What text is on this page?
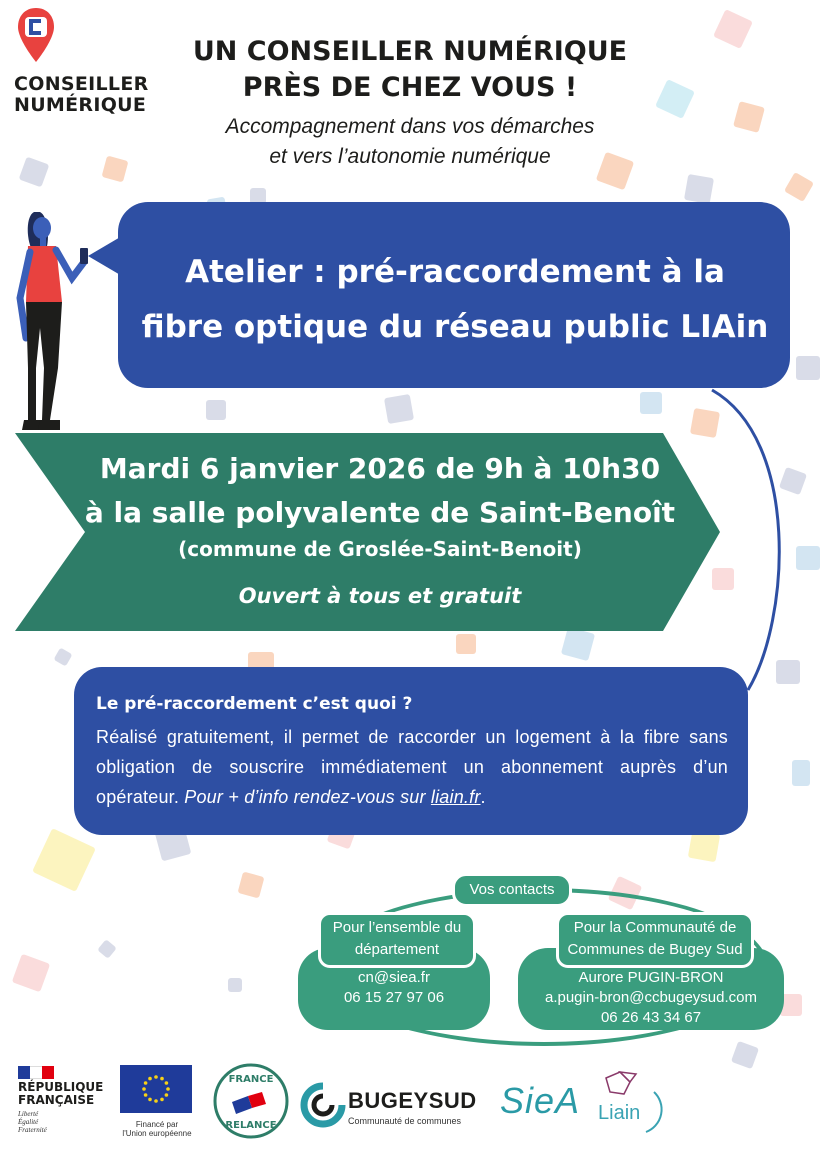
CONSEILLER
NUMÉRIQUE
UN CONSEILLER NUMÉRIQUE
PRÈS DE CHEZ VOUS !
Accompagnement dans vos démarches
et vers l’autonomie numérique
Atelier : pré-raccordement à la
fibre optique du réseau public LIAin
Mardi 6 janvier 2026 de 9h à 10h30
à la salle polyvalente de Saint-Benoît
(commune de Groslée-Saint-Benoit)
Ouvert à tous et gratuit
Le pré-raccordement c’est quoi ?
Réalisé gratuitement, il permet de raccorder un logement à la fibre sans obligation de souscrire immédiatement un abonnement auprès d’un opérateur. Pour + d’info rendez-vous sur liain.fr.
Vos contacts
Pour l’ensemble du
département
Pour la Communauté de
Communes de Bugey Sud
cn@siea.fr
06 15 27 97 06
Aurore PUGIN-BRON
a.pugin-bron@ccbugeysud.com
06 26 43 34 67
RÉPUBLIQUE
FRANÇAISE
Liberté
Égalité
Fraternité
Financé par
l'Union européenne
FRANCE
RELANCE
BUGEYSUD
Communauté de communes	SieA Liain
